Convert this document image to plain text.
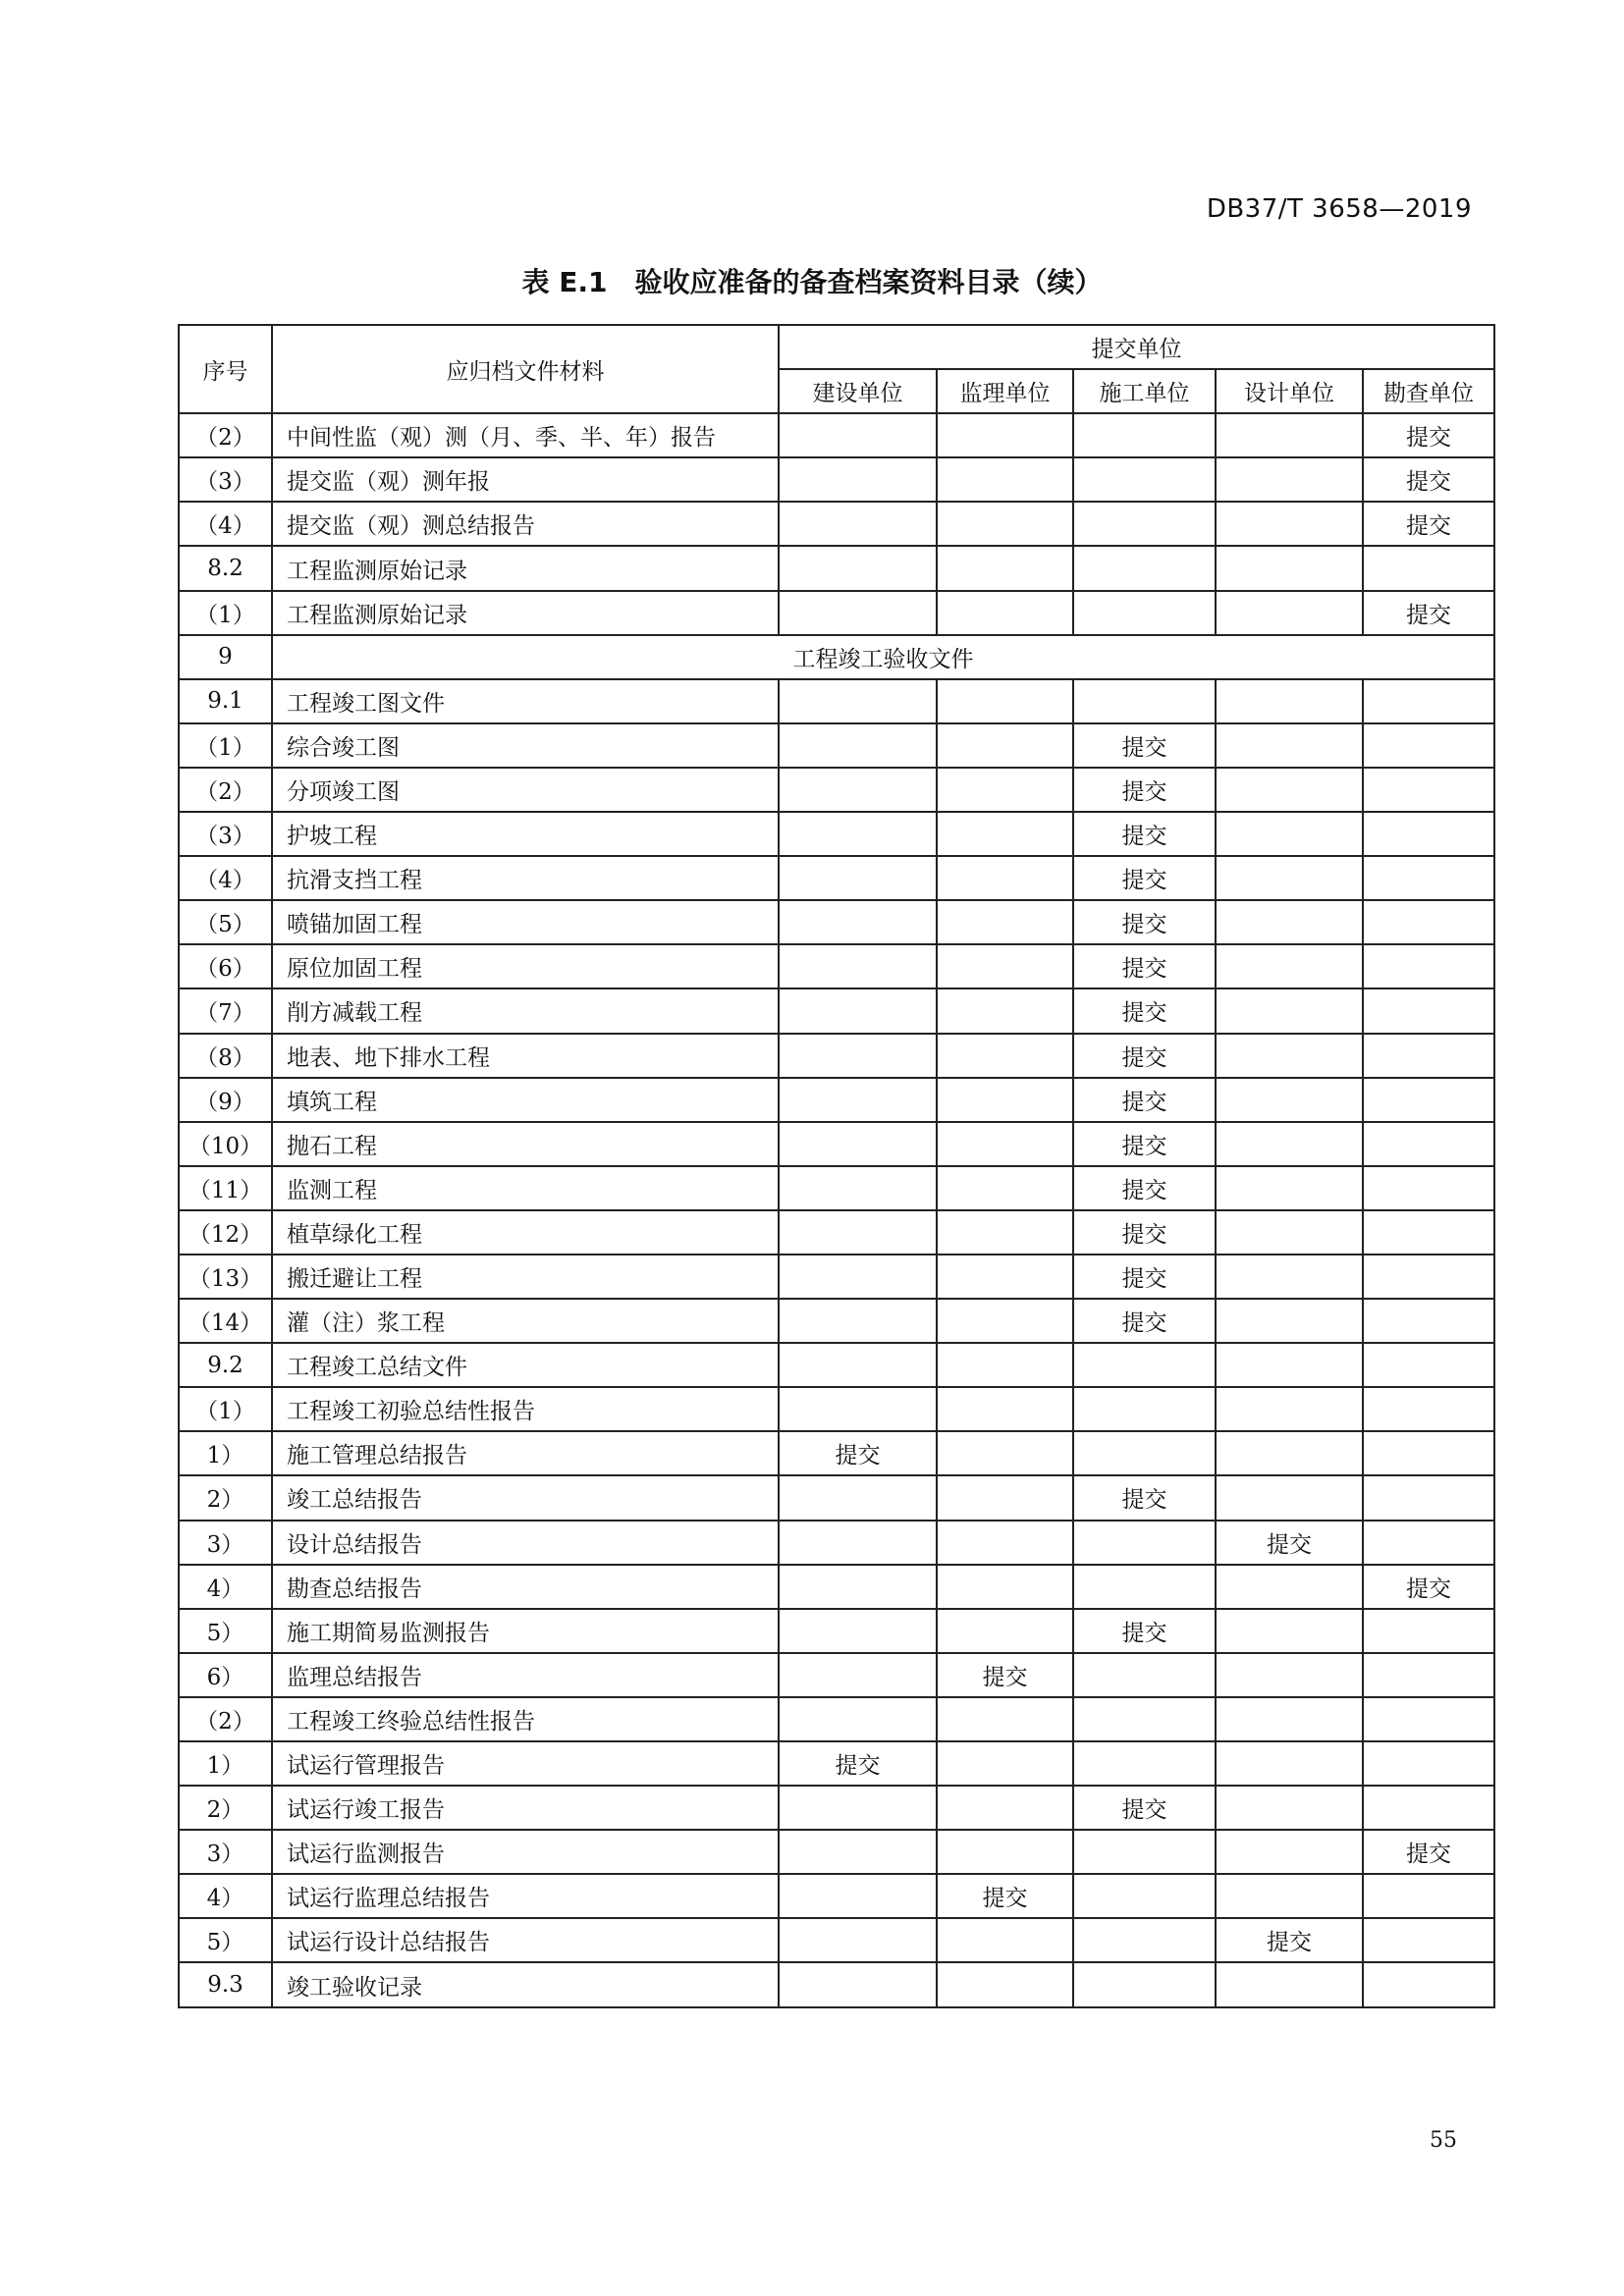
DB37/T 3658—2019
表 E.1　验收应准备的备查档案资料目录（续）
序号	应归档文件材料	提交单位				
		建设单位	监理单位	施工单位	设计单位	勘查单位
（2）	中间性监（观）测（月、季、半、年）报告					提交
（3）	提交监（观）测年报					提交
（4）	提交监（观）测总结报告					提交
8.2	工程监测原始记录					
（1）	工程监测原始记录					提交
9	工程竣工验收文件					
9.1	工程竣工图文件					
（1）	综合竣工图			提交		
（2）	分项竣工图			提交		
（3）	护坡工程			提交		
（4）	抗滑支挡工程			提交		
（5）	喷锚加固工程			提交		
（6）	原位加固工程			提交		
（7）	削方减载工程			提交		
（8）	地表、地下排水工程			提交		
（9）	填筑工程			提交		
（10）	抛石工程			提交		
（11）	监测工程			提交		
（12）	植草绿化工程			提交		
（13）	搬迁避让工程			提交		
（14）	灌（注）浆工程			提交		
9.2	工程竣工总结文件					
（1）	工程竣工初验总结性报告					
1）	施工管理总结报告	提交				
2）	竣工总结报告			提交		
3）	设计总结报告				提交	
4）	勘查总结报告					提交
5）	施工期简易监测报告			提交		
6）	监理总结报告		提交			
（2）	工程竣工终验总结性报告					
1）	试运行管理报告	提交				
2）	试运行竣工报告			提交		
3）	试运行监测报告					提交
4）	试运行监理总结报告		提交			
5）	试运行设计总结报告				提交	
9.3	竣工验收记录					
55
